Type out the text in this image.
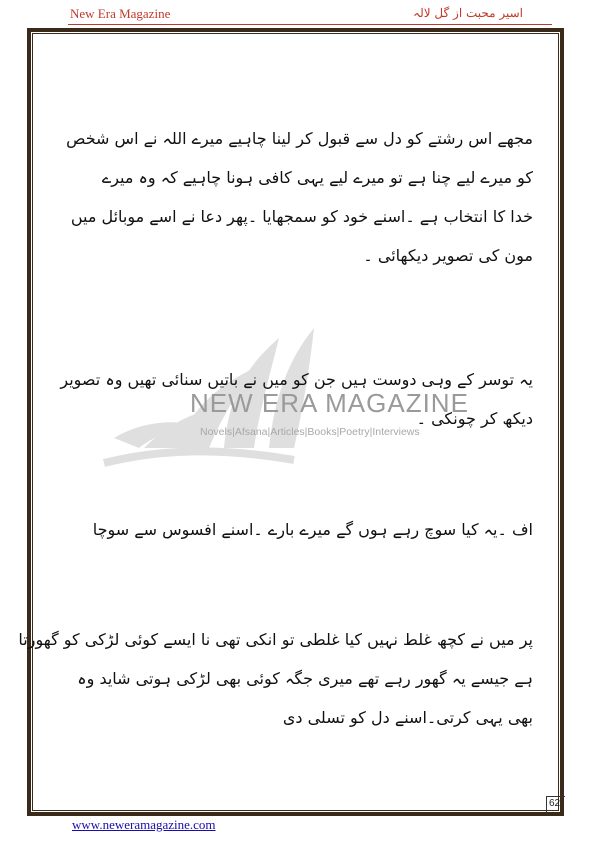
New Era Magazine	اسیر محبت از گل لالہ
NEW ERA MAGAZINE
Novels|Afsana|Articles|Books|Poetry|Interviews
مجھے اس رشتے کو دل سے قبول کر لینا چاہیے میرے اللہ نے اس شخص
کو میرے لیے چنا ہے تو میرے لیے یہی کافی ہونا چاہیے کہ وہ میرے
خدا کا انتخاب ہے ۔اسنے خود کو سمجھایا ۔پھر دعا نے اسے موبائل میں
مون کی تصویر دیکھائی ۔
یہ توسر کے وہی دوست ہیں جن کو میں نے باتیں سنائی تھیں وہ تصویر
دیکھ کر چونکی ۔
اف ۔یہ کیا سوچ رہے ہوں گے میرے بارے ۔اسنے افسوس سے سوچا
پر میں نے کچھ غلط نہیں کیا غلطی تو انکی تھی نا ایسے کوئی لڑکی کو گھورتا
ہے جیسے یہ گھور رہے تھے میری جگہ کوئی بھی لڑکی ہوتی شاید وہ
بھی یہی کرتی۔اسنے دل کو تسلی دی
62
www.neweramagazine.com
